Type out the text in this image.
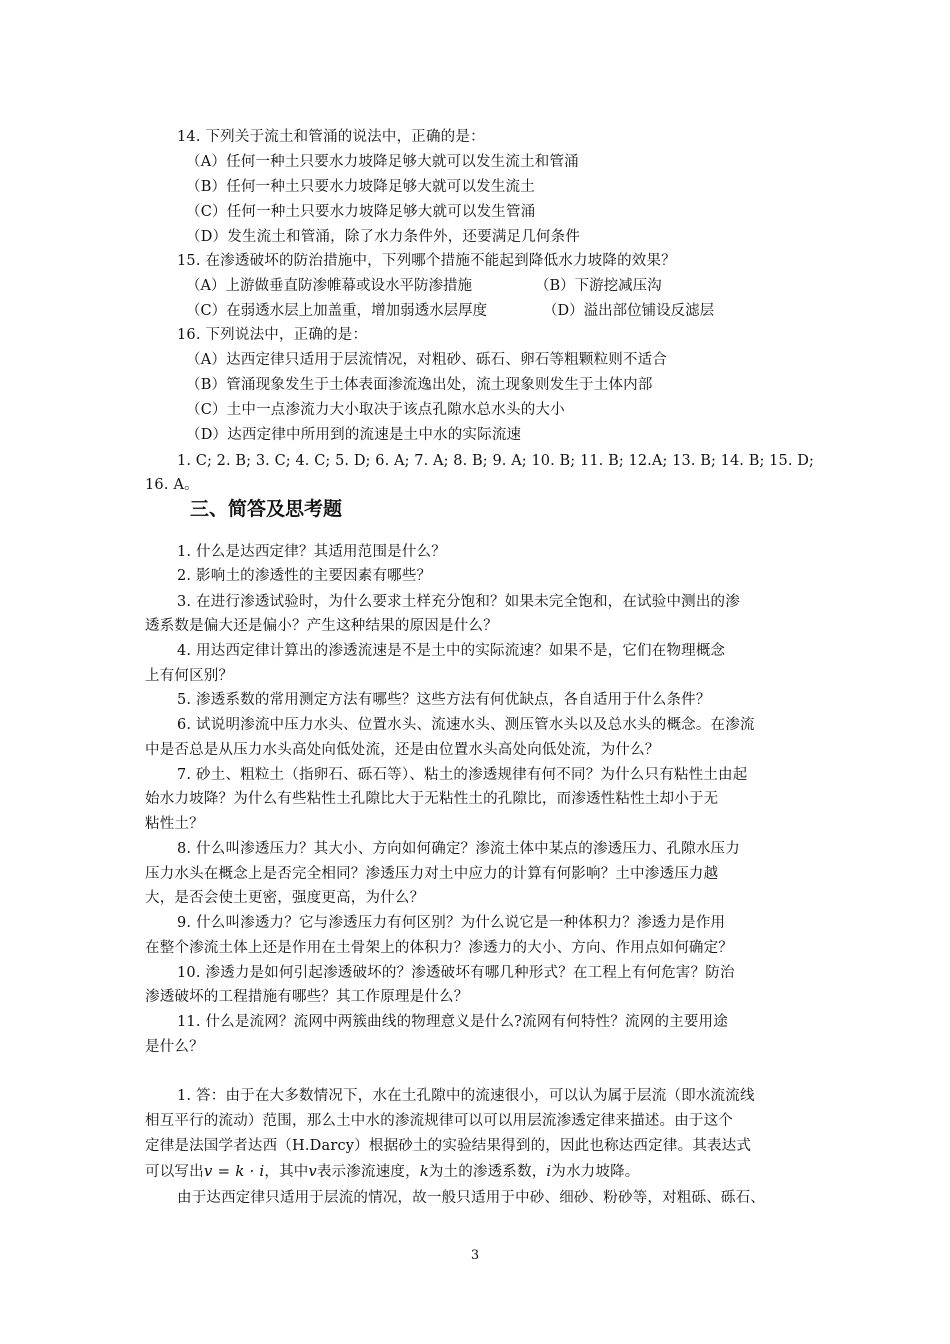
14. 下列关于流土和管涌的说法中，正确的是：
（A）任何一种土只要水力坡降足够大就可以发生流土和管涌
（B）任何一种土只要水力坡降足够大就可以发生流土
（C）任何一种土只要水力坡降足够大就可以发生管涌
（D）发生流土和管涌，除了水力条件外，还要满足几何条件
15. 在渗透破坏的防治措施中，下列哪个措施不能起到降低水力坡降的效果？
（A）上游做垂直防渗帷幕或设水平防渗措施	（B）下游挖减压沟
（C）在弱透水层上加盖重，增加弱透水层厚度	（D）溢出部位铺设反滤层
16. 下列说法中，正确的是：
（A）达西定律只适用于层流情况，对粗砂、砾石、卵石等粗颗粒则不适合
（B）管涌现象发生于土体表面渗流逸出处，流土现象则发生于土体内部
（C）土中一点渗流力大小取决于该点孔隙水总水头的大小
（D）达西定律中所用到的流速是土中水的实际流速
1. C; 2. B; 3. C; 4. C; 5. D; 6. A; 7. A; 8. B; 9. A; 10. B; 11. B; 12.A; 13. B; 14. B; 15. D;
16. A。
三、简答及思考题
1. 什么是达西定律？其适用范围是什么？
2. 影响土的渗透性的主要因素有哪些？
3. 在进行渗透试验时，为什么要求土样充分饱和？如果未完全饱和，在试验中测出的渗
透系数是偏大还是偏小？产生这种结果的原因是什么？
4. 用达西定律计算出的渗透流速是不是土中的实际流速？如果不是，它们在物理概念
上有何区别？
5. 渗透系数的常用测定方法有哪些？这些方法有何优缺点，各自适用于什么条件？
6. 试说明渗流中压力水头、位置水头、流速水头、测压管水头以及总水头的概念。在渗流
中是否总是从压力水头高处向低处流，还是由位置水头高处向低处流，为什么？
7. 砂土、粗粒土（指卵石、砾石等）、粘土的渗透规律有何不同？为什么只有粘性土由起
始水力坡降？为什么有些粘性土孔隙比大于无粘性土的孔隙比，而渗透性粘性土却小于无
粘性土？
8. 什么叫渗透压力？其大小、方向如何确定？渗流土体中某点的渗透压力、孔隙水压力
压力水头在概念上是否完全相同？渗透压力对土中应力的计算有何影响？土中渗透压力越
大，是否会使土更密，强度更高，为什么？
9. 什么叫渗透力？它与渗透压力有何区别？为什么说它是一种体积力？渗透力是作用
在整个渗流土体上还是作用在土骨架上的体积力？渗透力的大小、方向、作用点如何确定？
10. 渗透力是如何引起渗透破坏的？渗透破坏有哪几种形式？在工程上有何危害？防治
渗透破坏的工程措施有哪些？其工作原理是什么？
11. 什么是流网？流网中两簇曲线的物理意义是什么?流网有何特性？流网的主要用途
是什么？
1. 答：由于在大多数情况下，水在土孔隙中的流速很小，可以认为属于层流（即水流流线
相互平行的流动）范围，那么土中水的渗流规律可以可以用层流渗透定律来描述。由于这个
定律是法国学者达西（H.Darcy）根据砂土的实验结果得到的，因此也称达西定律。其表达式
可以写出v = k · i，其中v表示渗流速度，k为土的渗透系数，i为水力坡降。
由于达西定律只适用于层流的情况，故一般只适用于中砂、细砂、粉砂等，对粗砾、砾石、
3
